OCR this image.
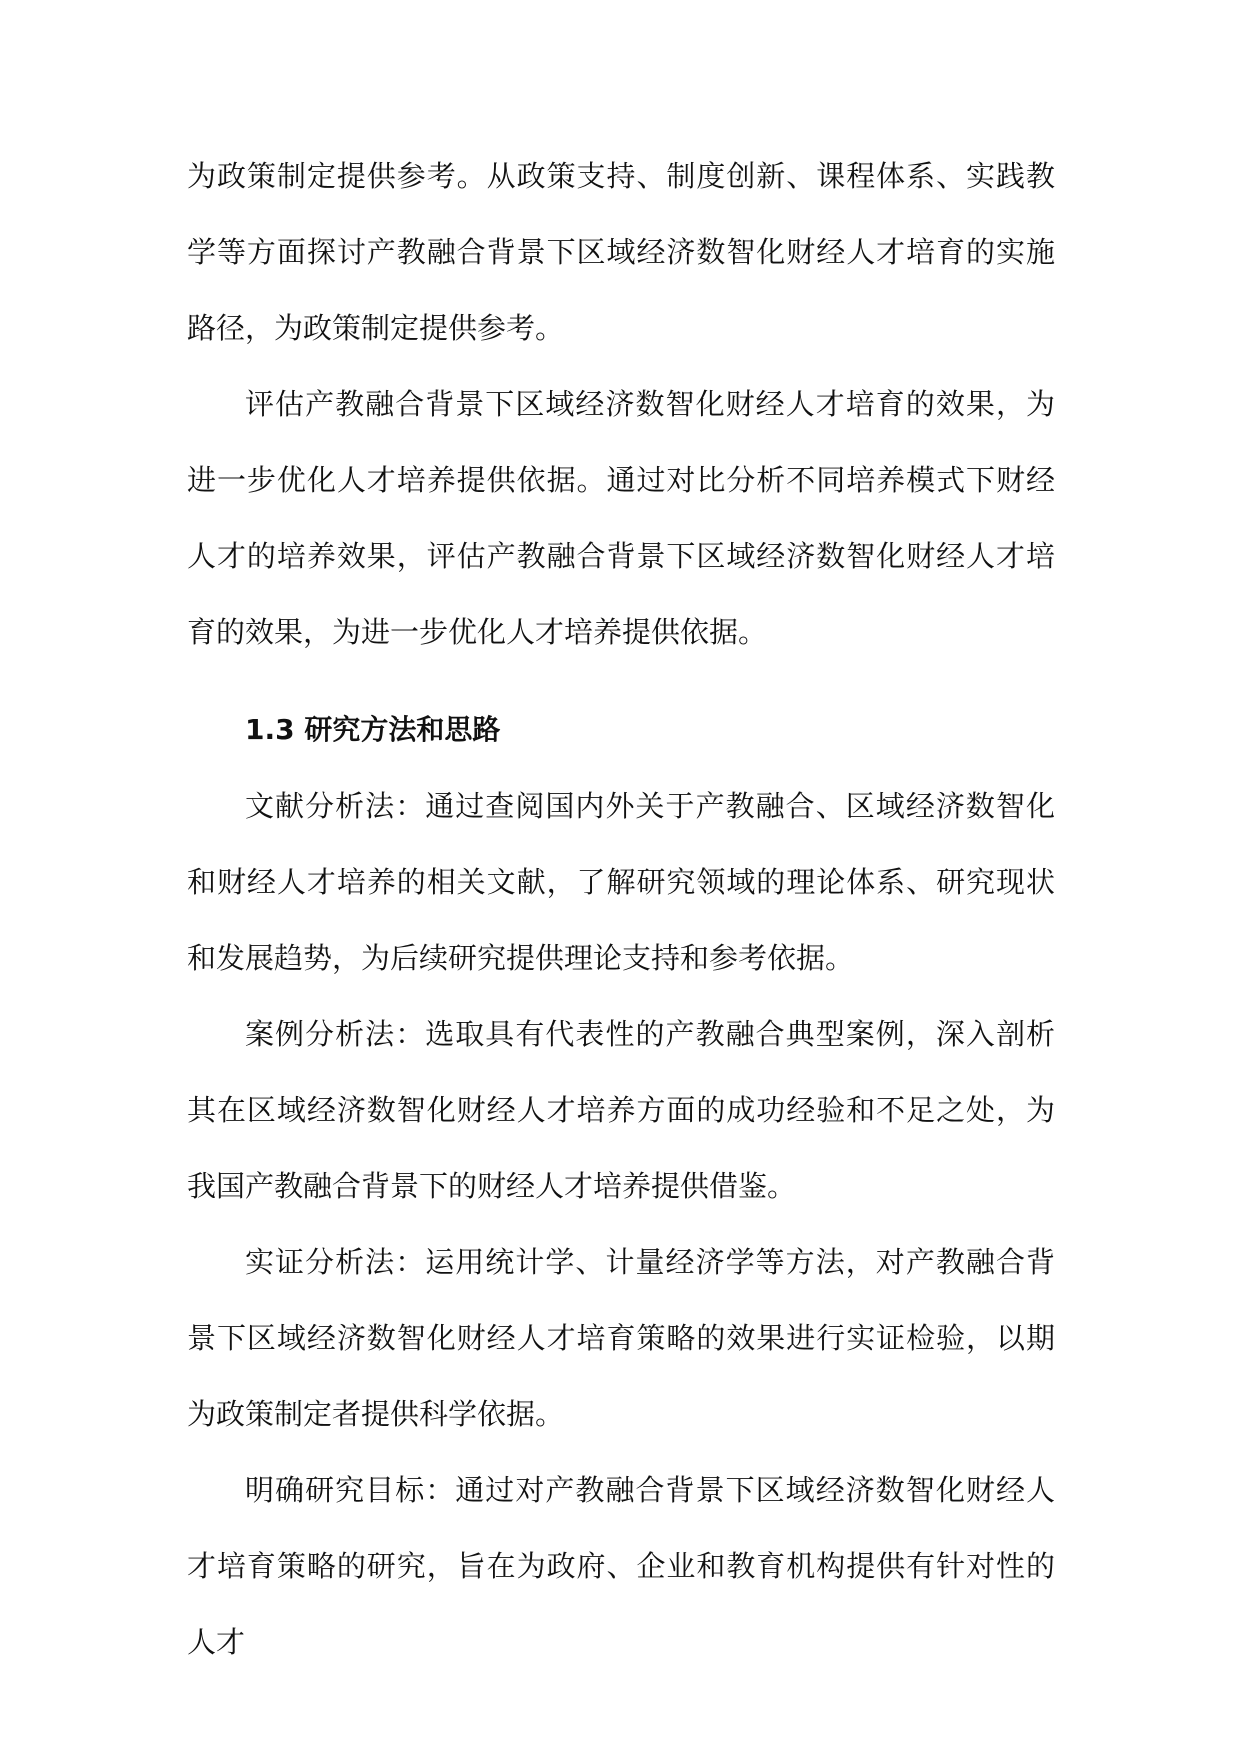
为政策制定提供参考。从政策支持、制度创新、课程体系、实践教学等方面探讨产教融合背景下区域经济数智化财经人才培育的实施路径，为政策制定提供参考。

评估产教融合背景下区域经济数智化财经人才培育的效果，为进一步优化人才培养提供依据。通过对比分析不同培养模式下财经人才的培养效果，评估产教融合背景下区域经济数智化财经人才培育的效果，为进一步优化人才培养提供依据。

1.3 研究方法和思路

文献分析法：通过查阅国内外关于产教融合、区域经济数智化和财经人才培养的相关文献，了解研究领域的理论体系、研究现状和发展趋势，为后续研究提供理论支持和参考依据。

案例分析法：选取具有代表性的产教融合典型案例，深入剖析其在区域经济数智化财经人才培养方面的成功经验和不足之处，为我国产教融合背景下的财经人才培养提供借鉴。

实证分析法：运用统计学、计量经济学等方法，对产教融合背景下区域经济数智化财经人才培育策略的效果进行实证检验，以期为政策制定者提供科学依据。

明确研究目标：通过对产教融合背景下区域经济数智化财经人才培育策略的研究，旨在为政府、企业和教育机构提供有针对性的人才
